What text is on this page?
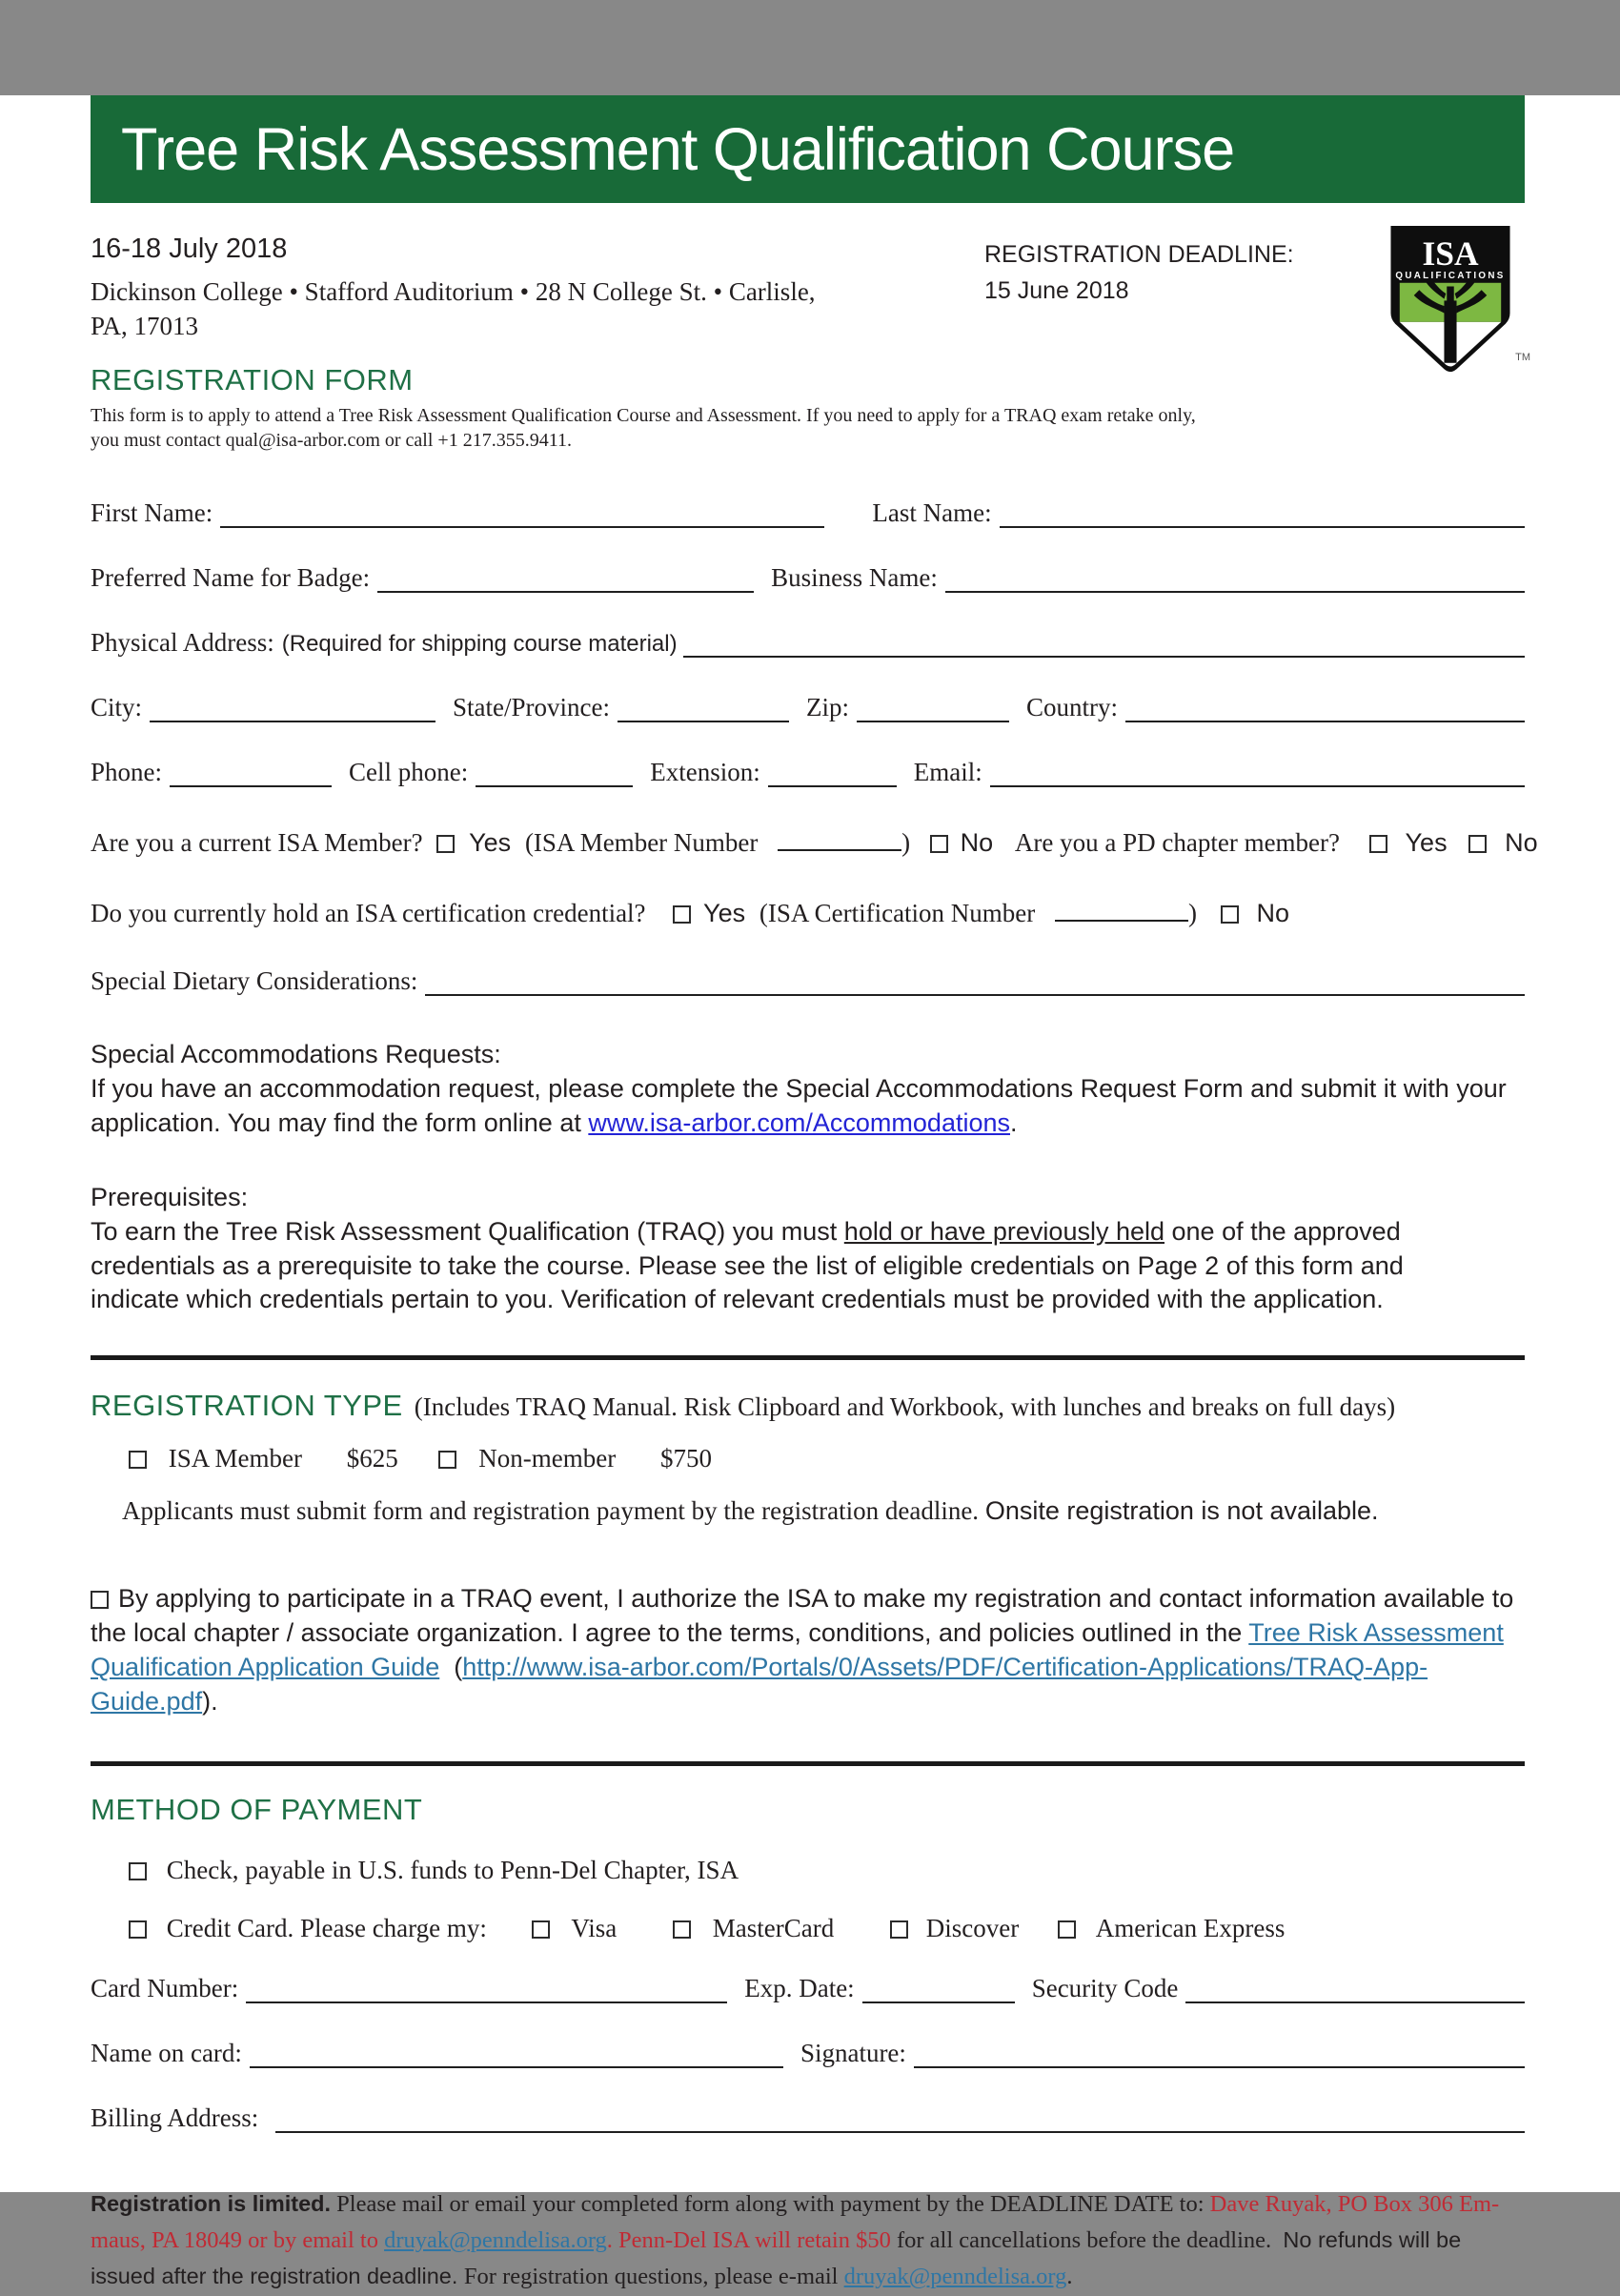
Tree Risk Assessment Qualification Course
16-18 July 2018
Dickinson College • Stafford Auditorium • 28 N College St. • Carlisle,
PA, 17013
REGISTRATION DEADLINE:
15 June 2018
ISA
QUALIFICATIONS
TM
REGISTRATION FORM
This form is to apply to attend a Tree Risk Assessment Qualification Course and Assessment. If you need to apply for a TRAQ exam retake only,
you must contact qual@isa-arbor.com or call +1 217.355.9411.
First Name:	Last Name:
Preferred Name for Badge:	Business Name:
Physical Address: (Required for shipping course material)
City:	State/Province:	Zip:	Country:
Phone:	Cell phone:	Extension:	Email:
Are you a current ISA Member? Yes (ISA Member Number	) No Are you a PD chapter member?	Yes No
Do you currently hold an ISA certification credential? Yes (ISA Certification Number	) No
Special Dietary Considerations:
Special Accommodations Requests:
If you have an accommodation request, please complete the Special Accommodations Request Form and submit it with your application. You may find the form online at www.isa-arbor.com/Accommodations.
Prerequisites:
To earn the Tree Risk Assessment Qualification (TRAQ) you must hold or have previously held one of the approved credentials as a prerequisite to take the course. Please see the list of eligible credentials on Page 2 of this form and indicate which credentials pertain to you. Verification of relevant credentials must be provided with the application.
REGISTRATION TYPE (Includes TRAQ Manual. Risk Clipboard and Workbook, with lunches and breaks on full days)
ISA Member $625	Non-member $750
Applicants must submit form and registration payment by the registration deadline. Onsite registration is not available.
By applying to participate in a TRAQ event, I authorize the ISA to make my registration and contact information available to the local chapter / associate organization. I agree to the terms, conditions, and policies outlined in the Tree Risk Assessment Qualification Application Guide  (http://www.isa-arbor.com/Portals/0/Assets/PDF/Certification-Applications/TRAQ-App-Guide.pdf).
METHOD OF PAYMENT
Check, payable in U.S. funds to Penn-Del Chapter, ISA
Credit Card. Please charge my:	Visa	MasterCard	Discover	American Express
Card Number:	Exp. Date:	Security Code
Name on card:	Signature:
Billing Address:
Registration is limited. Please mail or email your completed form along with payment by the DEADLINE DATE to: Dave Ruyak, PO Box 306 Em-
maus, PA 18049 or by email to druyak@penndelisa.org. Penn-Del ISA will retain $50 for all cancellations before the deadline.  No refunds will be
issued after the registration deadline. For registration questions, please e-mail druyak@penndelisa.org.
